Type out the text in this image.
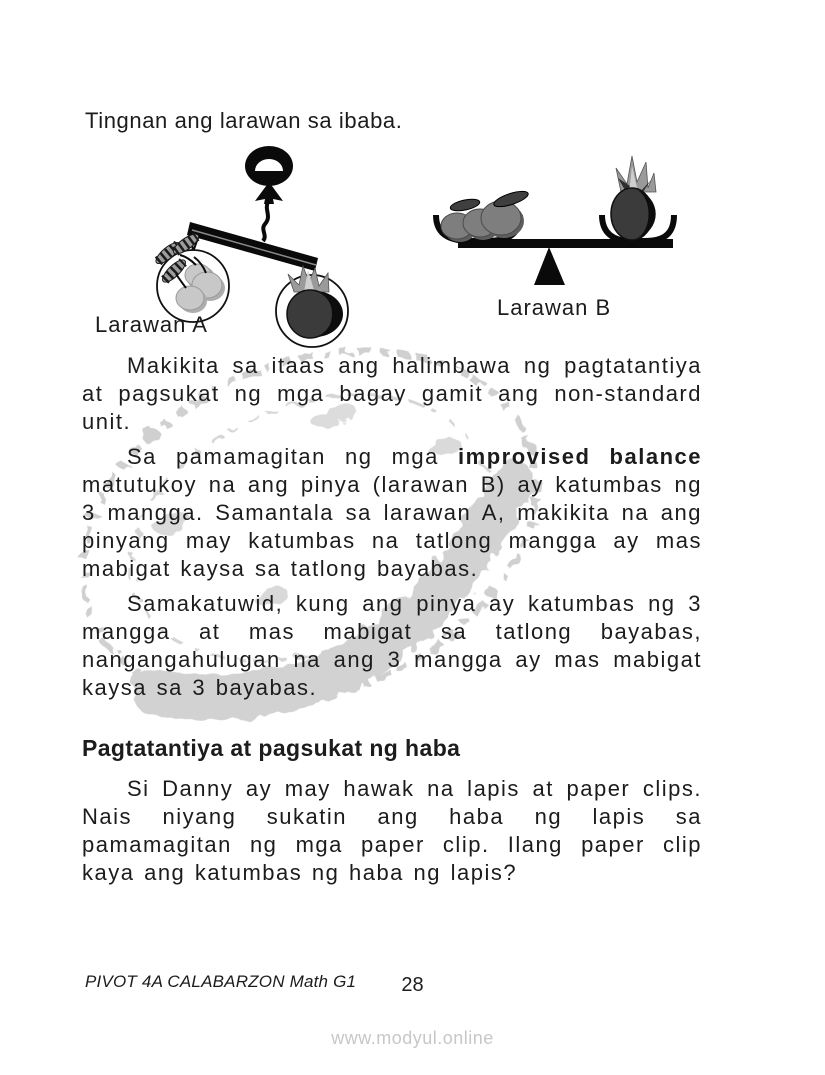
Tingnan ang larawan sa ibaba.
Larawan A
Larawan B

Makikita sa itaas ang halimbawa ng pagtatantiya at pagsukat ng mga bagay gamit ang non-standard unit.

Sa pamamagitan ng mga improvised balance matutukoy na ang pinya (larawan B) ay katumbas ng 3 mangga. Samantala sa larawan A, makikita na ang pinyang may katumbas na tatlong mangga ay mas mabigat kaysa sa tatlong bayabas.

Samakatuwid, kung ang pinya ay katumbas ng 3 mangga at mas mabigat sa tatlong bayabas, nangangahulugan na ang 3 mangga ay mas mabigat kaysa sa 3 bayabas.

Pagtatantiya at pagsukat ng haba

Si Danny ay may hawak na lapis at paper clips. Nais niyang sukatin ang haba ng lapis sa pamamagitan ng mga paper clip. Ilang paper clip kaya ang katumbas ng haba ng lapis?

PIVOT 4A CALABARZON Math G1	28
www.modyul.online
